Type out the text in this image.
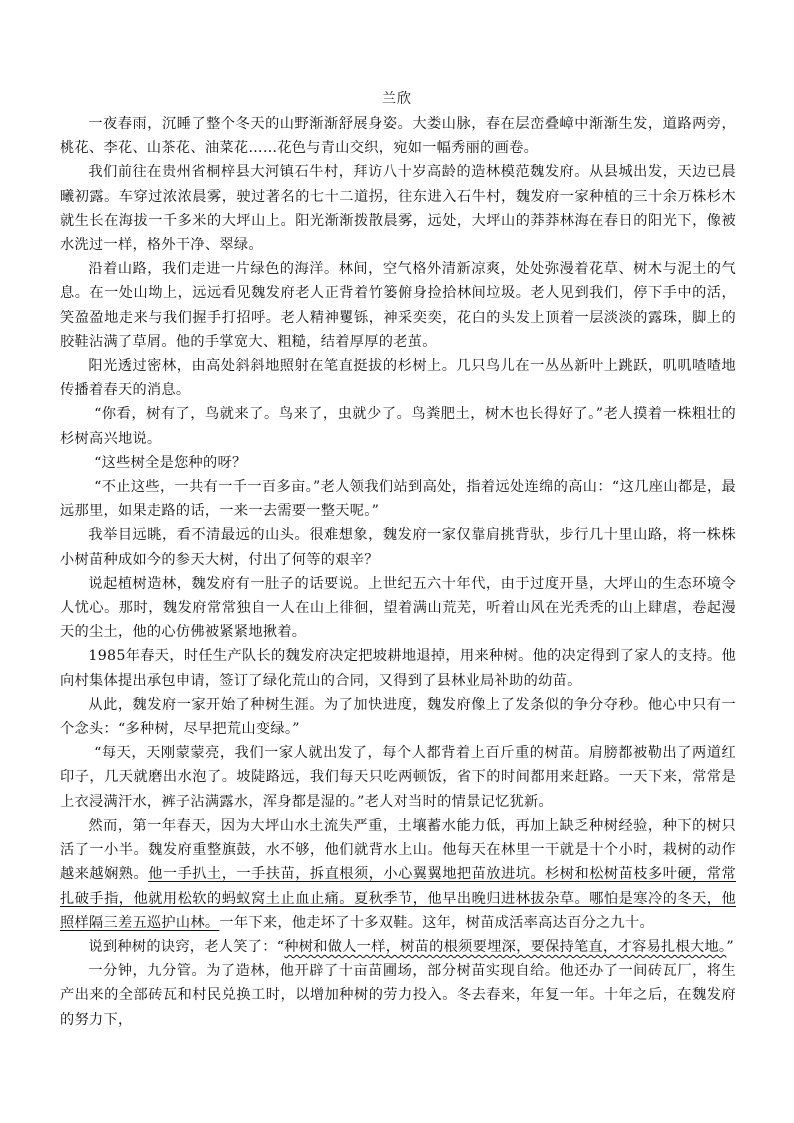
兰欣

一夜春雨，沉睡了整个冬天的山野渐渐舒展身姿。大娄山脉，春在层峦叠嶂中渐渐生发，道路两旁，桃花、李花、山茶花、油菜花……花色与青山交织，宛如一幅秀丽的画卷。

我们前往在贵州省桐梓县大河镇石牛村，拜访八十岁高龄的造林模范魏发府。从县城出发，天边已晨曦初露。车穿过浓浓晨雾，驶过著名的七十二道拐，往东进入石牛村，魏发府一家种植的三十余万株杉木就生长在海拔一千多米的大坪山上。阳光渐渐拨散晨雾，远处，大坪山的莽莽林海在春日的阳光下，像被水洗过一样，格外干净、翠绿。

沿着山路，我们走进一片绿色的海洋。林间，空气格外清新凉爽，处处弥漫着花草、树木与泥土的气息。在一处山坳上，远远看见魏发府老人正背着竹篓俯身捡拾林间垃圾。老人见到我们，停下手中的活，笑盈盈地走来与我们握手打招呼。老人精神矍铄，神采奕奕，花白的头发上顶着一层淡淡的露珠，脚上的胶鞋沾满了草屑。他的手掌宽大、粗糙，结着厚厚的老茧。

阳光透过密林，由高处斜斜地照射在笔直挺拔的杉树上。几只鸟儿在一丛丛新叶上跳跃，叽叽喳喳地传播着春天的消息。

“你看，树有了，鸟就来了。鸟来了，虫就少了。鸟粪肥土，树木也长得好了。”老人摸着一株粗壮的杉树高兴地说。

“这些树全是您种的呀？

“不止这些，一共有一千一百多亩。”老人领我们站到高处，指着远处连绵的高山：“这几座山都是，最远那里，如果走路的话，一来一去需要一整天呢。”

我举目远眺，看不清最远的山头。很难想象，魏发府一家仅靠肩挑背驮，步行几十里山路，将一株株小树苗种成如今的参天大树，付出了何等的艰辛？

说起植树造林，魏发府有一肚子的话要说。上世纪五六十年代，由于过度开垦，大坪山的生态环境令人忧心。那时，魏发府常常独自一人在山上徘徊，望着满山荒芜，听着山风在光秃秃的山上肆虐，卷起漫天的尘土，他的心仿佛被紧紧地揪着。

1985年春天，时任生产队长的魏发府决定把坡耕地退掉，用来种树。他的决定得到了家人的支持。他向村集体提出承包申请，签订了绿化荒山的合同，又得到了县林业局补助的幼苗。

从此，魏发府一家开始了种树生涯。为了加快进度，魏发府像上了发条似的争分夺秒。他心中只有一个念头：“多种树，尽早把荒山变绿。”

“每天，天刚蒙蒙亮，我们一家人就出发了，每个人都背着上百斤重的树苗。肩膀都被勒出了两道红印子，几天就磨出水泡了。坡陡路远，我们每天只吃两顿饭，省下的时间都用来赶路。一天下来，常常是上衣浸满汗水，裤子沾满露水，浑身都是湿的。”老人对当时的情景记忆犹新。

然而，第一年春天，因为大坪山水土流失严重，土壤蓄水能力低，再加上缺乏种树经验，种下的树只活了一小半。魏发府重整旗鼓，水不够，他们就背水上山。他每天在林里一干就是十个小时，栽树的动作越来越娴熟。他一手扒土，一手扶苗，拆直根须，小心翼翼地把苗放进坑。杉树和松树苗枝多叶硬，常常扎破手指，他就用松软的蚂蚁窝土止血止痛。夏秋季节，他早出晚归进林拔杂草。哪怕是寒冷的冬天，他照样隔三差五巡护山林。一年下来，他走坏了十多双鞋。这年，树苗成活率高达百分之九十。

说到种树的诀窍，老人笑了：“种树和做人一样，树苗的根须要埋深，要保持笔直，才容易扎根大地。”

一分钟，九分管。为了造林，他开辟了十亩苗圃场，部分树苗实现自给。他还办了一间砖瓦厂，将生产出来的全部砖瓦和村民兑换工时，以增加种树的劳力投入。冬去春来，年复一年。十年之后，在魏发府的努力下，
